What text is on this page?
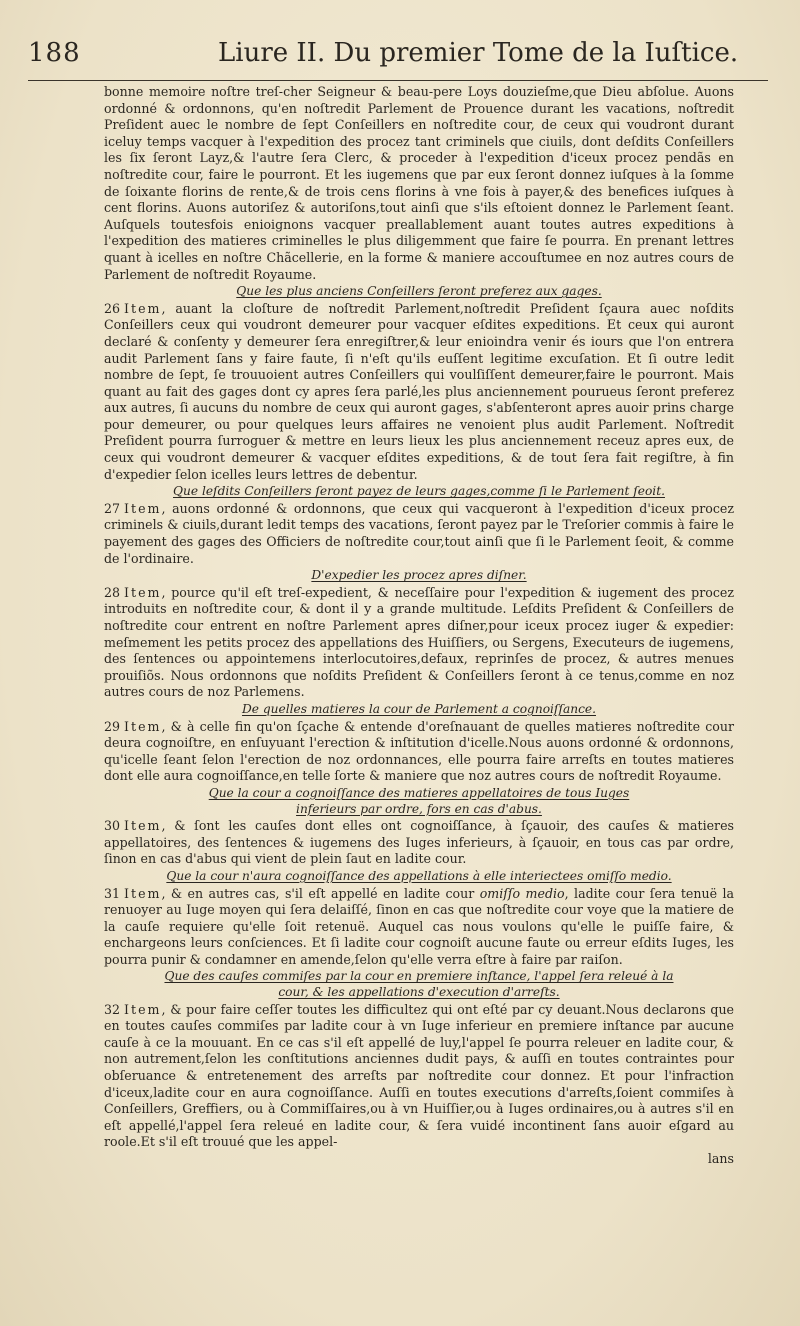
188	Liure II. Du premier Tome de la Iuſtice.

bonne memoire noſtre treſ-cher Seigneur & beau-pere Loys douzieſme,que Dieu abſolue. Auons ordonné & ordonnons, qu'en noſtredit Parlement de Prouence durant les vacations, noſtredit Preſident auec le nombre de ſept Conſeillers en noſtredite cour, de ceux qui voudront durant iceluy temps vacquer à l'expedition des procez tant criminels que ciuils, dont deſdits Conſeillers les ſix ſeront Layz,& l'autre ſera Clerc, & proceder à l'expedition d'iceux procez pendãs en noſtredite cour, faire le pourront. Et les iugemens que par eux ſeront donnez iuſques à la ſomme de ſoixante florins de rente,& de trois cens florins à vne fois à payer,& des benefices iuſques à cent florins. Auons autoriſez & autoriſons,tout ainſi que s'ils eſtoient donnez le Parlement ſeant. Auſquels toutesfois enioignons vacquer preallablement auant toutes autres expeditions à l'expedition des matieres criminelles le plus diligemment que faire ſe pourra. En prenant lettres quant à icelles en noſtre Chãcellerie, en la forme & maniere accouſtumee en noz autres cours de Parlement de noſtredit Royaume.

Que les plus anciens Conſeillers ſeront preferez aux gages.

26 Item, auant la cloſture de noſtredit Parlement,noſtredit Preſident ſçaura auec noſdits Conſeillers ceux qui voudront demeurer pour vacquer eſdites expeditions. Et ceux qui auront declaré & conſenty y demeurer ſera enregiſtrer,& leur enioindra venir és iours que l'on entrera audit Parlement ſans y faire faute, ſi n'eſt qu'ils euſſent legitime excuſation. Et ſi outre ledit nombre de ſept, ſe trouuoient autres Conſeillers qui voulſiſſent demeurer,faire le pourront. Mais quant au fait des gages dont cy apres ſera parlé,les plus anciennement pourueus ſeront preferez aux autres, ſi aucuns du nombre de ceux qui auront gages, s'abſenteront apres auoir prins charge pour demeurer, ou pour quelques leurs affaires ne venoient plus audit Parlement. Noſtredit Preſident pourra ſurroguer & mettre en leurs lieux les plus anciennement receuz apres eux, de ceux qui voudront demeurer & vacquer eſdites expeditions, & de tout ſera fait regiſtre, à fin d'expedier ſelon icelles leurs lettres de debentur.

Que leſdits Conſeillers ſeront payez de leurs gages,comme ſi le Parlement ſeoit.

27 Item, auons ordonné & ordonnons, que ceux qui vacqueront à l'expedition d'iceux procez criminels & ciuils,durant ledit temps des vacations, ſeront payez par le Treſorier commis à faire le payement des gages des Officiers de noſtredite cour,tout ainſi que ſi le Parlement ſeoit, & comme de l'ordinaire.

D'expedier les procez apres diſner.

28 Item, pource qu'il eſt treſ-expedient, & neceſſaire pour l'expedition & iugement des procez introduits en noſtredite cour, & dont il y a grande multitude. Leſdits Preſident & Conſeillers de noſtredite cour entrent en noſtre Parlement apres diſner,pour iceux procez iuger & expedier: meſmement les petits procez des appellations des Huiſſiers, ou Sergens, Executeurs de iugemens, des ſentences ou appointemens interlocutoires,defaux, reprinſes de procez, & autres menues prouiſiõs. Nous ordonnons que noſdits Preſident & Conſeillers ſeront à ce tenus,comme en noz autres cours de noz Parlemens.

De quelles matieres la cour de Parlement a cognoiſſance.

29 Item, & à celle fin qu'on ſçache & entende d'oreſnauant de quelles matieres noſtredite cour deura cognoiſtre, en enſuyuant l'erection & inſtitution d'icelle.Nous auons ordonné & ordonnons, qu'icelle ſeant ſelon l'erection de noz ordonnances, elle pourra faire arreſts en toutes matieres dont elle aura cognoiſſance,en telle ſorte & maniere que noz autres cours de noſtredit Royaume.

Que la cour a cognoiſſance des matieres appellatoires de tous Iuges
inferieurs par ordre, fors en cas d'abus.

30 Item, & ſont les cauſes dont elles ont cognoiſſance, à ſçauoir, des cauſes & matieres appellatoires, des ſentences & iugemens des Iuges inferieurs, à ſçauoir, en tous cas par ordre, ſinon en cas d'abus qui vient de plein ſaut en ladite cour.

Que la cour n'aura cognoiſſance des appellations à elle interiectees omiſſo medio.

31 Item, & en autres cas, s'il eſt appellé en ladite cour omiſſo medio, ladite cour ſera tenuë la renuoyer au Iuge moyen qui ſera delaiſſé, ſinon en cas que noſtredite cour voye que la matiere de la cauſe requiere qu'elle ſoit retenuë. Auquel cas nous voulons qu'elle le puiſſe faire, & enchargeons leurs conſciences. Et ſi ladite cour cognoiſt aucune faute ou erreur eſdits Iuges, les pourra punir & condamner en amende,ſelon qu'elle verra eſtre à faire par raiſon.

Que des cauſes commiſes par la cour en premiere inſtance, l'appel ſera releué à la
cour, & les appellations d'execution d'arreſts.

32 Item, & pour faire ceſſer toutes les difficultez qui ont eſté par cy deuant.Nous declarons que en toutes cauſes commiſes par ladite cour à vn Iuge inferieur en premiere inſtance par aucune cauſe à ce la mouuant. En ce cas s'il eſt appellé de luy,l'appel ſe pourra releuer en ladite cour, & non autrement,ſelon les conſtitutions anciennes dudit pays, & auſſi en toutes contraintes pour obſeruance & entretenement des arreſts par noſtredite cour donnez. Et pour l'infraction d'iceux,ladite cour en aura cognoiſſance. Auſſi en toutes executions d'arreſts,ſoient commiſes à Conſeillers, Greffiers, ou à Commiſſaires,ou à vn Huiſſier,ou à Iuges ordinaires,ou à autres s'il en eſt appellé,l'appel ſera releué en ladite cour, & ſera vuidé incontinent ſans auoir eſgard au roole.Et s'il eſt trouué que les appel-

lans
